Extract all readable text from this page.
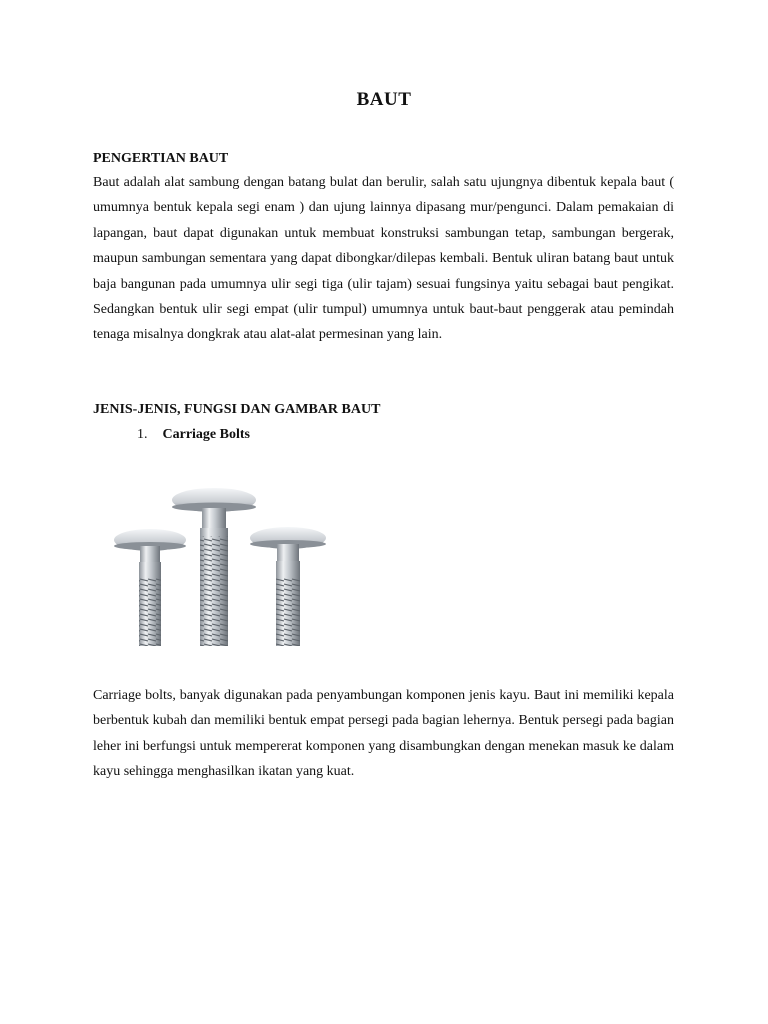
BAUT
PENGERTIAN BAUT

Baut adalah alat sambung dengan batang bulat dan berulir, salah satu ujungnya dibentuk kepala baut ( umumnya bentuk kepala segi enam ) dan ujung lainnya dipasang mur/pengunci. Dalam pemakaian di lapangan, baut dapat digunakan untuk membuat konstruksi sambungan tetap, sambungan bergerak, maupun sambungan sementara yang dapat dibongkar/dilepas kembali. Bentuk uliran batang baut untuk baja bangunan pada umumnya ulir segi tiga (ulir tajam) sesuai fungsinya yaitu sebagai baut pengikat. Sedangkan bentuk ulir segi empat (ulir tumpul) umumnya untuk baut-baut penggerak atau pemindah tenaga misalnya dongkrak atau alat-alat permesinan yang lain.

JENIS-JENIS, FUNGSI DAN GAMBAR BAUT
1. Carriage Bolts

Carriage bolts, banyak digunakan pada penyambungan komponen jenis kayu. Baut ini memiliki kepala berbentuk kubah dan memiliki bentuk empat persegi pada bagian lehernya. Bentuk persegi pada bagian leher ini berfungsi untuk mempererat komponen yang disambungkan dengan menekan masuk ke dalam kayu sehingga menghasilkan ikatan yang kuat.
